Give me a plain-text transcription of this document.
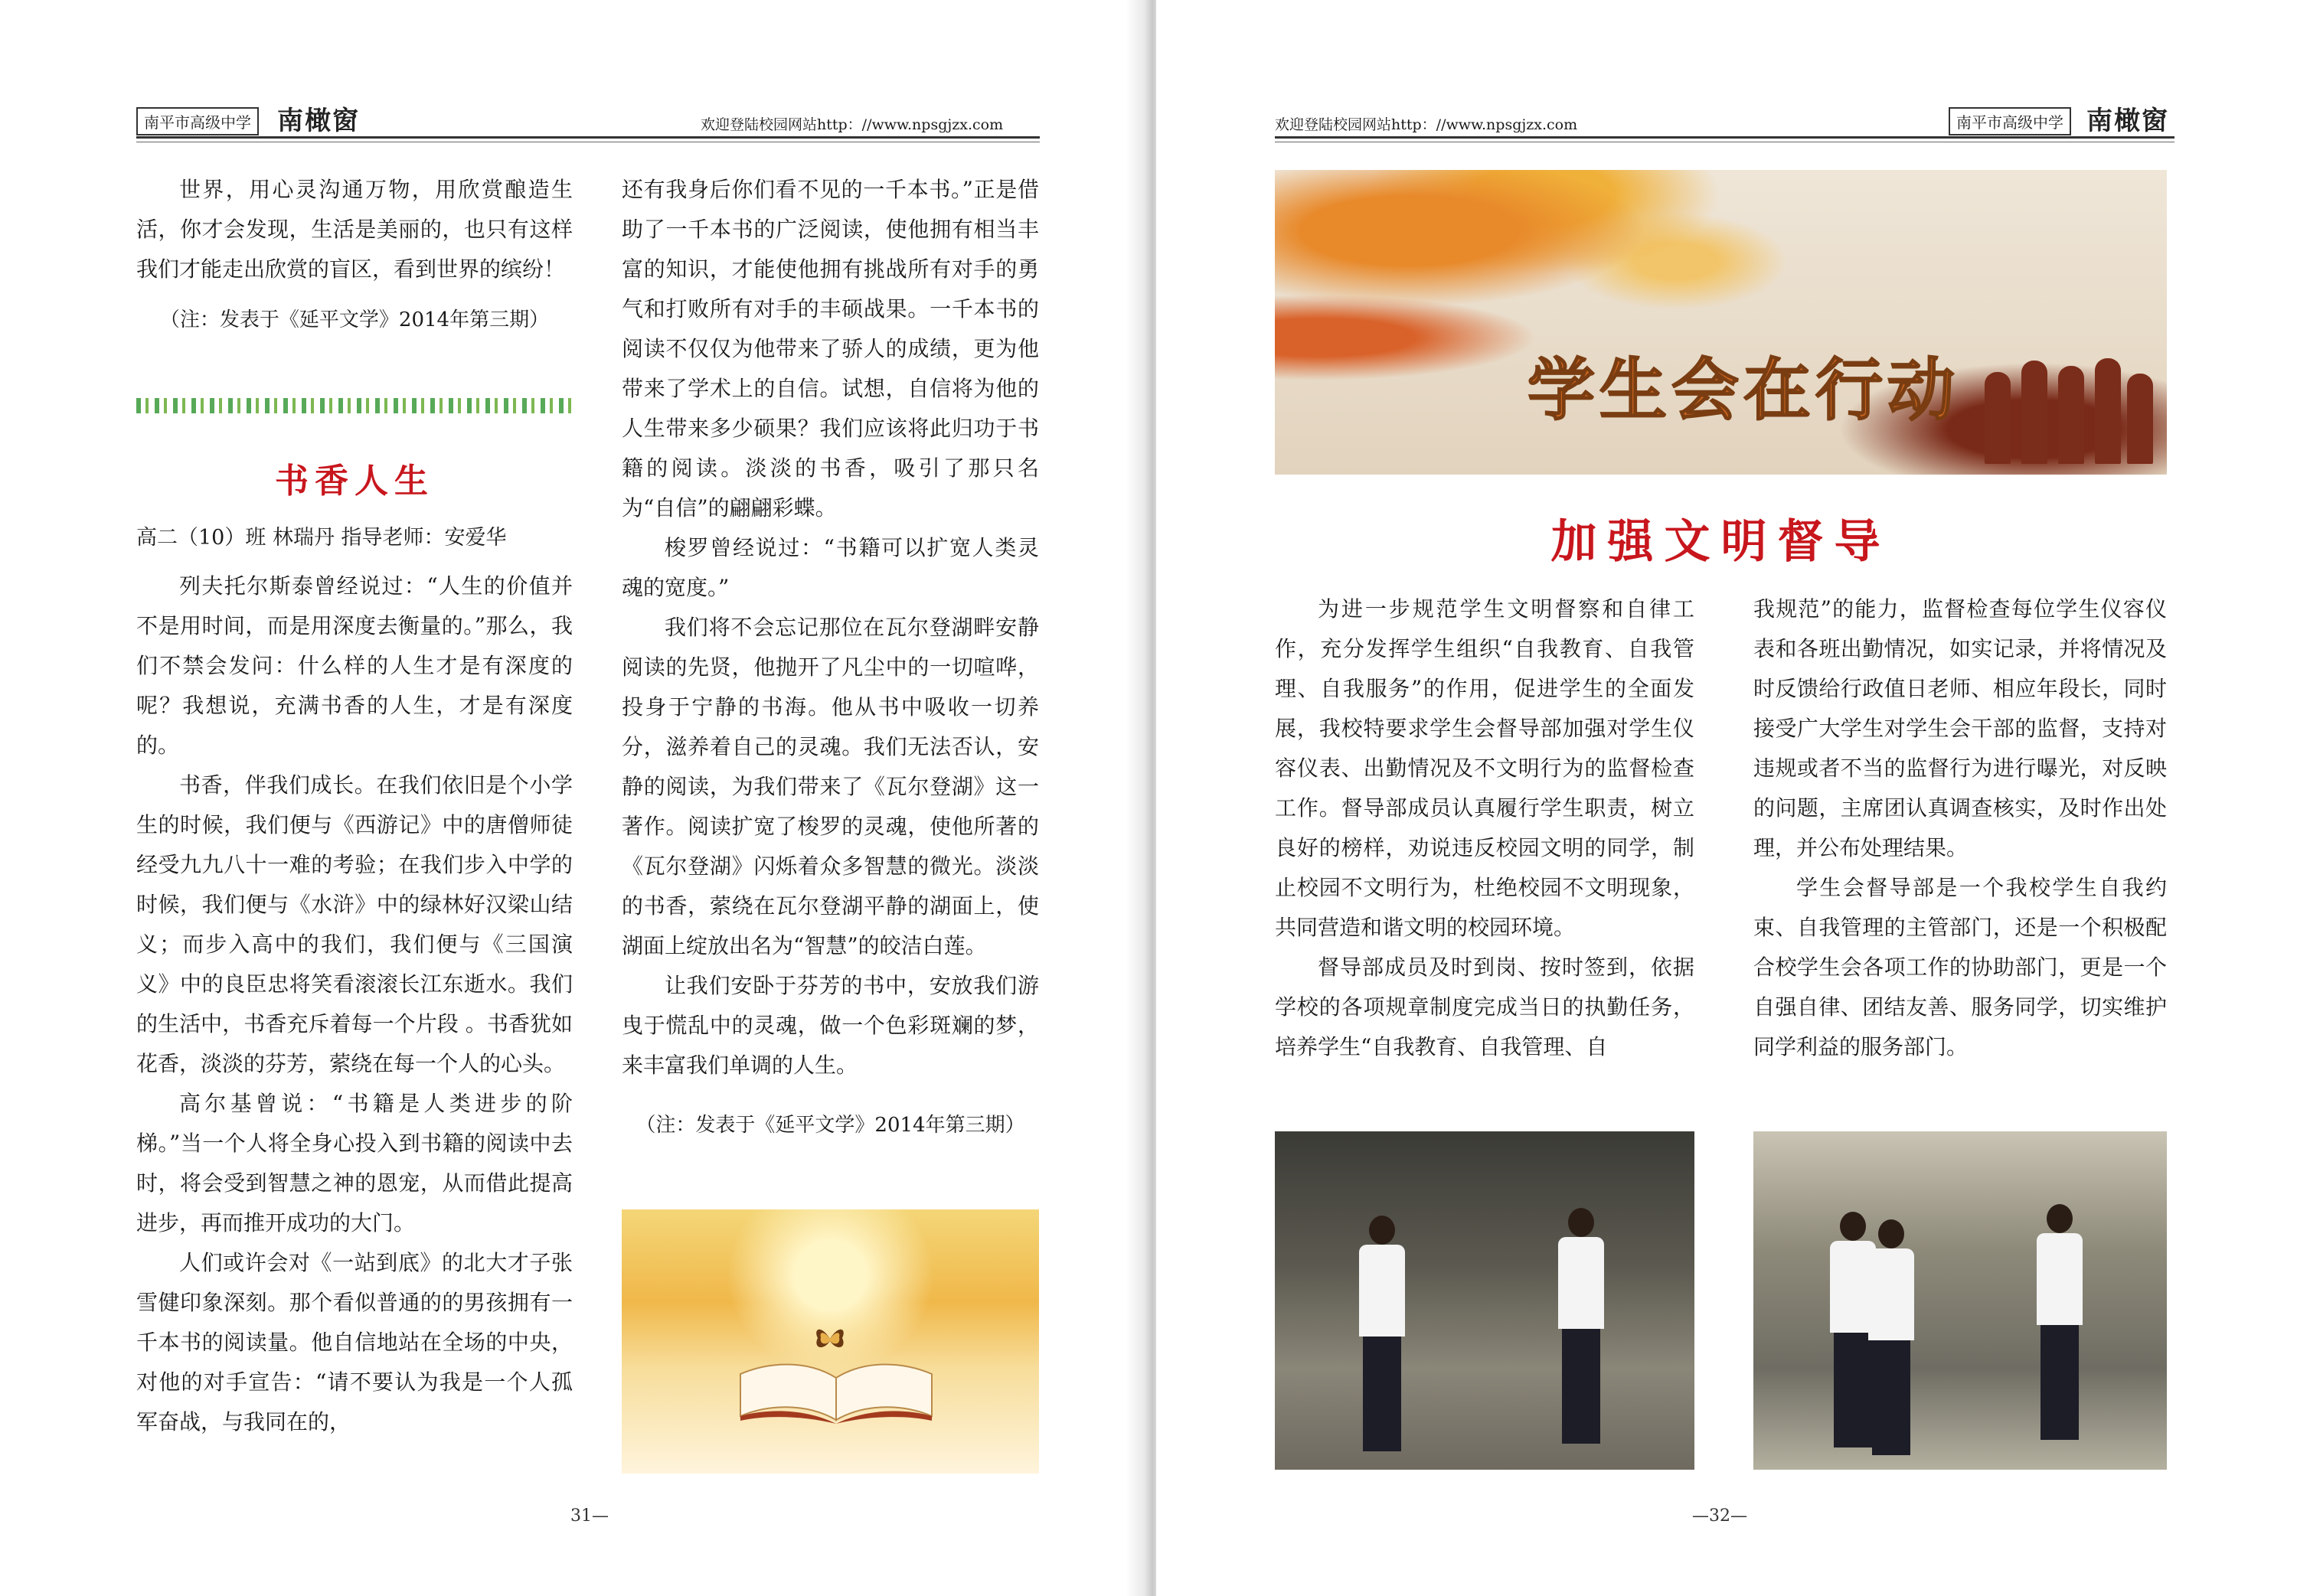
南平市高级中学 南橄窗	欢迎登陆校园网站http：//www.npsgjzx.com

世界，用心灵沟通万物，用欣赏酿造生活，你才会发现，生活是美丽的，也只有这样我们才能走出欣赏的盲区，看到世界的缤纷！

（注：发表于《延平文学》2014年第三期）

书香人生
高二（10）班 林瑞丹 指导老师：安爱华

列夫托尔斯泰曾经说过：“人生的价值并不是用时间，而是用深度去衡量的。”那么，我们不禁会发问：什么样的人生才是有深度的呢？我想说，充满书香的人生，才是有深度的。

书香，伴我们成长。在我们依旧是个小学生的时候，我们便与《西游记》中的唐僧师徒经受九九八十一难的考验；在我们步入中学的时候，我们便与《水浒》中的绿林好汉梁山结义；而步入高中的我们，我们便与《三国演义》中的良臣忠将笑看滚滚长江东逝水。我们的生活中，书香充斥着每一个片段 。书香犹如花香，淡淡的芬芳，萦绕在每一个人的心头。

高尔基曾说：“书籍是人类进步的阶梯。”当一个人将全身心投入到书籍的阅读中去时，将会受到智慧之神的恩宠，从而借此提高进步，再而推开成功的大门。

人们或许会对《一站到底》的北大才子张雪健印象深刻。那个看似普通的的男孩拥有一千本书的阅读量。他自信地站在全场的中央，对他的对手宣告：“请不要认为我是一个人孤军奋战，与我同在的，

还有我身后你们看不见的一千本书。”正是借助了一千本书的广泛阅读，使他拥有相当丰富的知识，才能使他拥有挑战所有对手的勇气和打败所有对手的丰硕战果。一千本书的阅读不仅仅为他带来了骄人的成绩，更为他带来了学术上的自信。试想，自信将为他的人生带来多少硕果？我们应该将此归功于书籍的阅读。淡淡的书香，吸引了那只名为“自信”的翩翩彩蝶。

梭罗曾经说过：“书籍可以扩宽人类灵魂的宽度。”

我们将不会忘记那位在瓦尔登湖畔安静阅读的先贤，他抛开了凡尘中的一切喧哗，投身于宁静的书海。他从书中吸收一切养分，滋养着自己的灵魂。我们无法否认，安静的阅读，为我们带来了《瓦尔登湖》这一著作。阅读扩宽了梭罗的灵魂，使他所著的《瓦尔登湖》闪烁着众多智慧的微光。淡淡的书香，萦绕在瓦尔登湖平静的湖面上，使湖面上绽放出名为“智慧”的皎洁白莲。

让我们安卧于芬芳的书中，安放我们游曳于慌乱中的灵魂，做一个色彩斑斓的梦，来丰富我们单调的人生。

（注：发表于《延平文学》2014年第三期）

31—
欢迎登陆校园网站http：//www.npsgjzx.com	南平市高级中学 南橄窗
学生会在行动
加强文明督导

为进一步规范学生文明督察和自律工作，充分发挥学生组织“自我教育、自我管理、自我服务”的作用，促进学生的全面发展，我校特要求学生会督导部加强对学生仪容仪表、出勤情况及不文明行为的监督检查工作。督导部成员认真履行学生职责，树立良好的榜样，劝说违反校园文明的同学，制止校园不文明行为，杜绝校园不文明现象，共同营造和谐文明的校园环境。

督导部成员及时到岗、按时签到，依据学校的各项规章制度完成当日的执勤任务，培养学生“自我教育、自我管理、自

我规范”的能力，监督检查每位学生仪容仪表和各班出勤情况，如实记录，并将情况及时反馈给行政值日老师、相应年段长，同时接受广大学生对学生会干部的监督，支持对违规或者不当的监督行为进行曝光，对反映的问题，主席团认真调查核实，及时作出处理，并公布处理结果。

学生会督导部是一个我校学生自我约束、自我管理的主管部门，还是一个积极配合校学生会各项工作的协助部门，更是一个自强自律、团结友善、服务同学，切实维护同学利益的服务部门。

—32—
